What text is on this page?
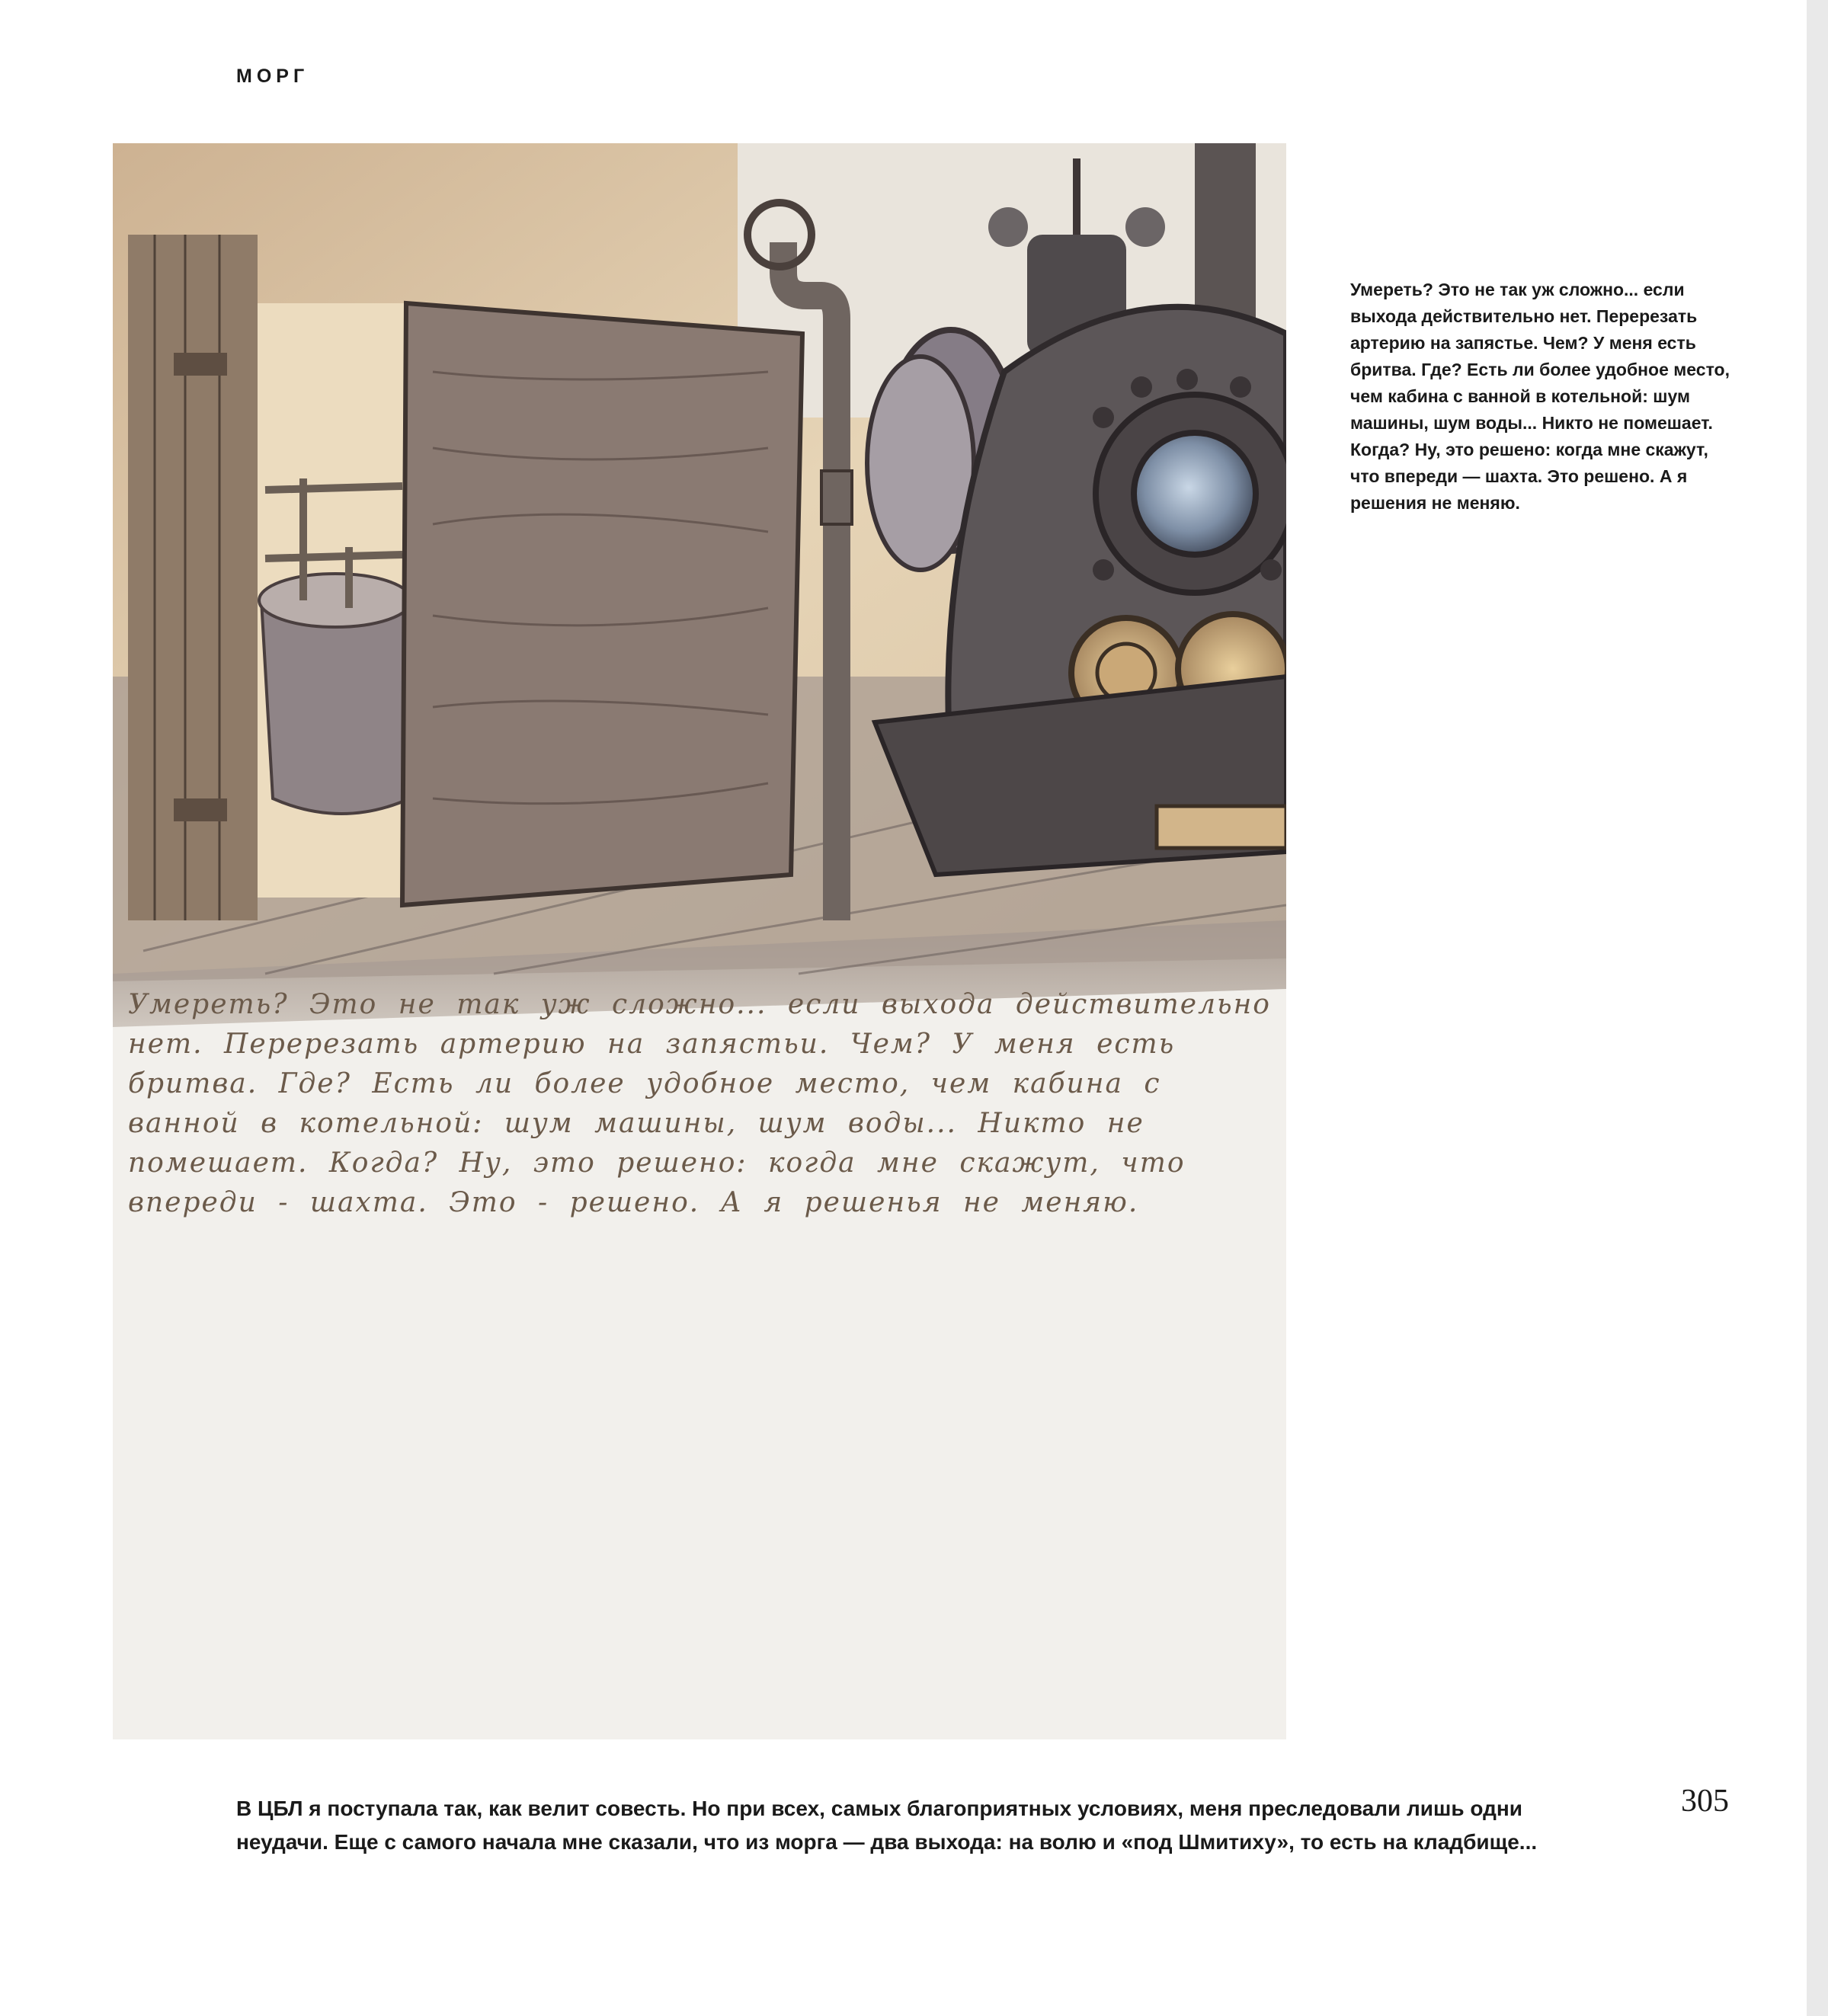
МОРГ

Умереть? Это не так уж сложно... если выхода действительно нет. Перерезать артерию на запястьи. Чем? У меня есть бритва. Где? Есть ли более удобное место, чем кабина с ванной в котельной: шум машины, шум воды... Никто не помешает. Когда? Ну, это решено: когда мне скажут, что впереди - шахта. Это - решено. А я решенья не меняю.

Умереть? Это не так уж сложно... если выхода действительно нет. Перерезать артерию на запястье. Чем? У меня есть бритва. Где? Есть ли более удобное место, чем кабина с ванной в котельной: шум машины, шум воды... Никто не помешает. Когда? Ну, это решено: когда мне скажут, что впереди — шахта. Это решено. А я решения не меняю.

В ЦБЛ я поступала так, как велит совесть. Но при всех, самых благоприятных условиях, меня преследовали лишь одни неудачи. Еще с самого начала мне сказали, что из морга — два выхода: на волю и «под Шмитиху», то есть на кладбище...

305
